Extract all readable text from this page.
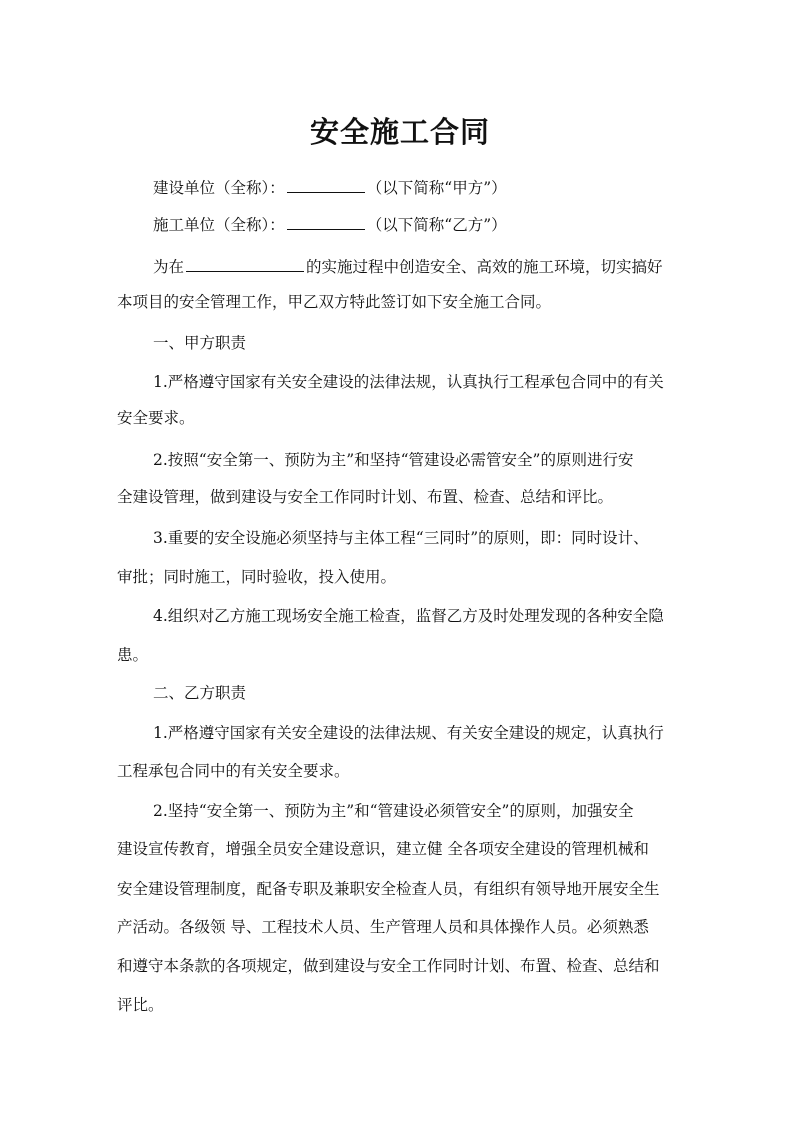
安全施工合同
建设单位（全称）：	（以下简称“甲方”）
施工单位（全称）：	（以下简称“乙方”）
为在	的实施过程中创造安全、高效的施工环境，切实搞好
本项目的安全管理工作，甲乙双方特此签订如下安全施工合同。
一、甲方职责
1.严格遵守国家有关安全建设的法律法规，认真执行工程承包合同中的有关
安全要求。
2.按照“安全第一、预防为主”和坚持“管建设必需管安全”的原则进行安
全建设管理，做到建设与安全工作同时计划、布置、检查、总结和评比。
3.重要的安全设施必须坚持与主体工程“三同时”的原则，即：同时设计、
审批；同时施工，同时验收，投入使用。
4.组织对乙方施工现场安全施工检查，监督乙方及时处理发现的各种安全隐
患。
二、乙方职责
1.严格遵守国家有关安全建设的法律法规、有关安全建设的规定，认真执行
工程承包合同中的有关安全要求。
2.坚持“安全第一、预防为主”和“管建设必须管安全”的原则，加强安全
建设宣传教育，增强全员安全建设意识，建立健 全各项安全建设的管理机械和
安全建设管理制度，配备专职及兼职安全检查人员，有组织有领导地开展安全生
产活动。各级领 导、工程技术人员、生产管理人员和具体操作人员。必须熟悉
和遵守本条款的各项规定，做到建设与安全工作同时计划、布置、检查、总结和
评比。
